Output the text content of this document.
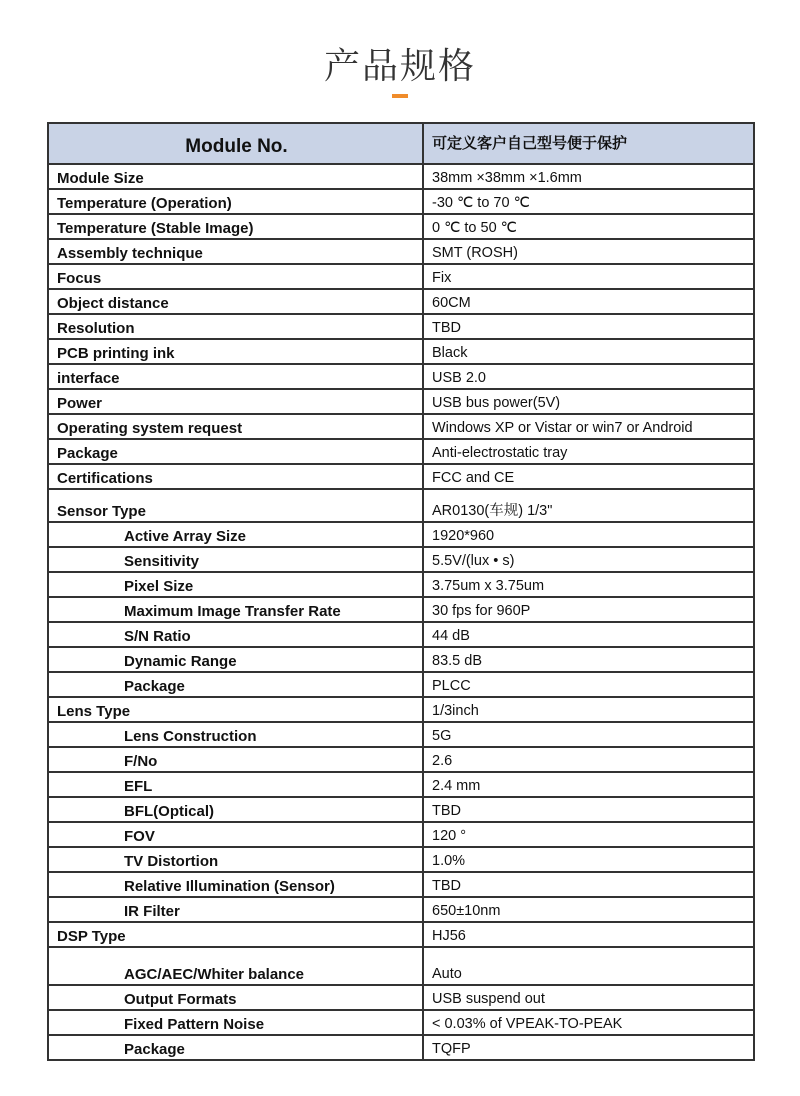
产品规格
Module No.	可定义客户自己型号便于保护
Module Size	38mm ×38mm ×1.6mm
Temperature (Operation)	-30 ℃ to 70 ℃
Temperature (Stable Image)	0 ℃ to 50 ℃
Assembly technique	SMT (ROSH)
Focus	Fix
Object distance	60CM
Resolution	TBD
PCB printing ink	Black
interface	USB 2.0
Power	USB bus power(5V)
Operating system request	Windows XP or Vistar or win7 or Android
Package	Anti-electrostatic tray
Certifications	FCC and CE
Sensor Type	AR0130(车规) 1/3"
Active Array Size	1920*960
Sensitivity	5.5V/(lux • s)
Pixel Size	3.75um x 3.75um
Maximum Image Transfer Rate	30 fps for 960P
S/N Ratio	44 dB
Dynamic Range	83.5 dB
Package	PLCC
Lens Type	1/3inch
Lens Construction	5G
F/No	2.6
EFL	2.4 mm
BFL(Optical)	TBD
FOV	120 °
TV Distortion	1.0%
Relative Illumination (Sensor)	TBD
IR Filter	650±10nm
DSP Type	HJ56
AGC/AEC/Whiter balance	Auto
Output Formats	USB suspend out
Fixed Pattern Noise	< 0.03% of VPEAK-TO-PEAK
Package	TQFP
